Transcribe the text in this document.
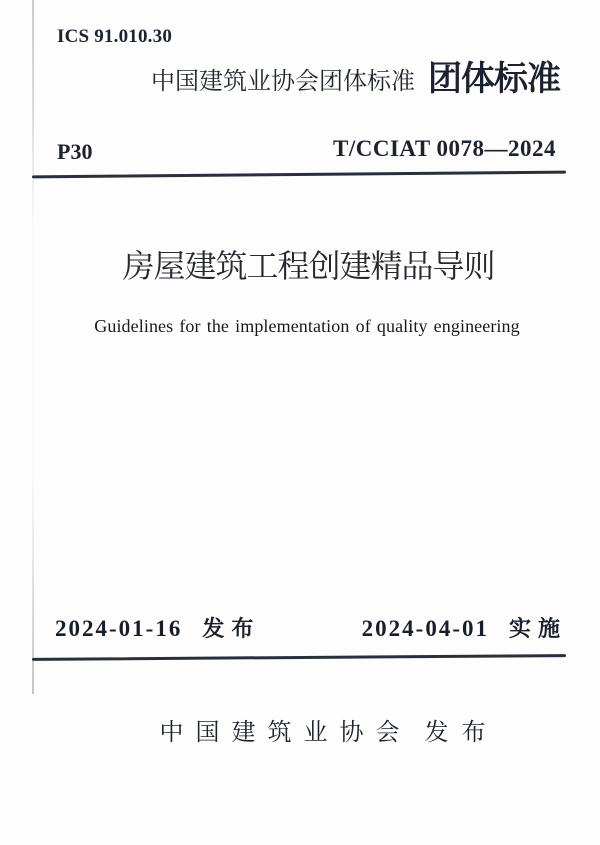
ICS 91.010.30
中国建筑业协会团体标准 团体标准
P30	T/CCIAT 0078—2024
房屋建筑工程创建精品导则
Guidelines for the implementation of quality engineering
2024-01-16 发布	2024-04-01 实施
中国建筑业协会 发布
